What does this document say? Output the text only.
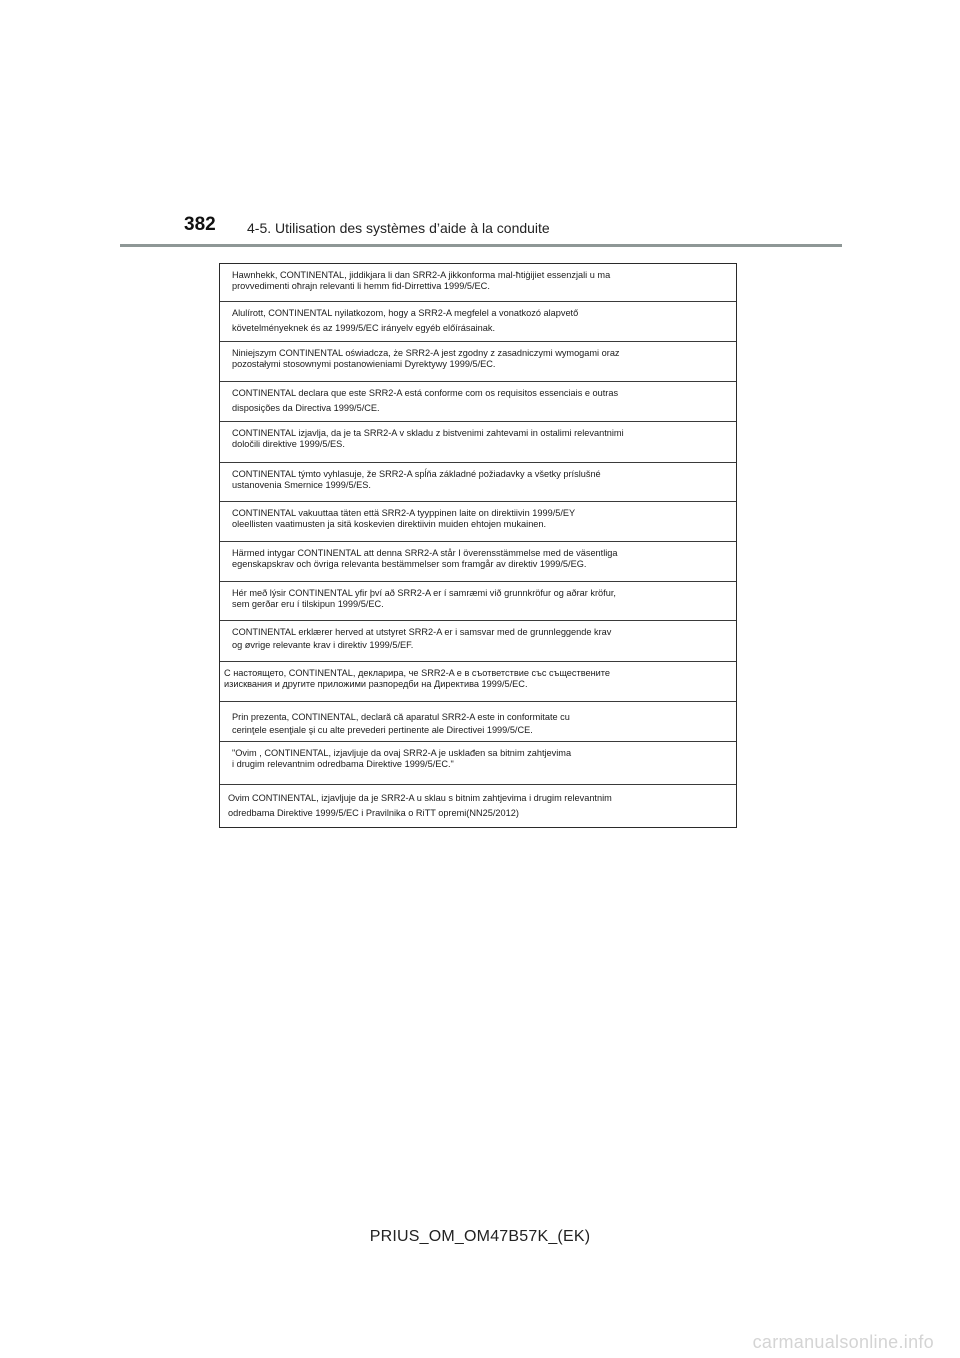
382 4-5. Utilisation des systèmes d’aide à la conduite
Hawnhekk, CONTINENTAL, jiddikjara li dan SRR2-A jikkonforma mal-ħtiġijiet essenzjali u ma
provvedimenti oħrajn relevanti li hemm fid-Dirrettiva 1999/5/EC.
Alulírott, CONTINENTAL nyilatkozom, hogy a SRR2-A megfelel a vonatkozó alapvető
követelményeknek és az 1999/5/EC irányelv egyéb előírásainak.
Niniejszym CONTINENTAL oświadcza, że SRR2-A jest zgodny z zasadniczymi wymogami oraz
pozostałymi stosownymi postanowieniami Dyrektywy 1999/5/EC.
CONTINENTAL declara que este SRR2-A está conforme com os requisitos essenciais e outras
disposições da Directiva 1999/5/CE.
CONTINENTAL izjavlja, da je ta SRR2-A v skladu z bistvenimi zahtevami in ostalimi relevantnimi
določili direktive 1999/5/ES.
CONTINENTAL týmto vyhlasuje, že SRR2-A spĺňa základné požiadavky a všetky príslušné
ustanovenia Smernice 1999/5/ES.
CONTINENTAL vakuuttaa täten että SRR2-A tyyppinen laite on direktiivin 1999/5/EY
oleellisten vaatimusten ja sitä koskevien direktiivin muiden ehtojen mukainen.
Härmed intygar CONTINENTAL att denna SRR2-A står I överensstämmelse med de väsentliga
egenskapskrav och övriga relevanta bestämmelser som framgår av direktiv 1999/5/EG.
Hér með lýsir CONTINENTAL yfir því að SRR2-A er í samræmi við grunnkröfur og aðrar kröfur,
sem gerðar eru í tilskipun 1999/5/EC.
CONTINENTAL erklærer herved at utstyret SRR2-A er i samsvar med de grunnleggende krav
og øvrige relevante krav i direktiv 1999/5/EF.
С настоящето, CONTINENTAL, декларира, че SRR2-A е в съответствие със съществените
изисквания и другите приложими разпоредби на Директива 1999/5/ЕС.
Prin prezenta, CONTINENTAL, declară că aparatul SRR2-A este in conformitate cu
cerinţele esenţiale şi cu alte prevederi pertinente ale Directivei 1999/5/CE.
"Ovim , CONTINENTAL, izjavljuje da ovaj SRR2-A je usklađen sa bitnim zahtjevima
i drugim relevantnim odredbama Direktive 1999/5/EC."
Ovim CONTINENTAL, izjavljuje da je SRR2-A u sklau s bitnim zahtjevima i drugim relevantnim
odredbama Direktive 1999/5/EC i Pravilnika o RiTT opremi(NN25/2012)
PRIUS_OM_OM47B57K_(EK)
carmanualsonline.info
